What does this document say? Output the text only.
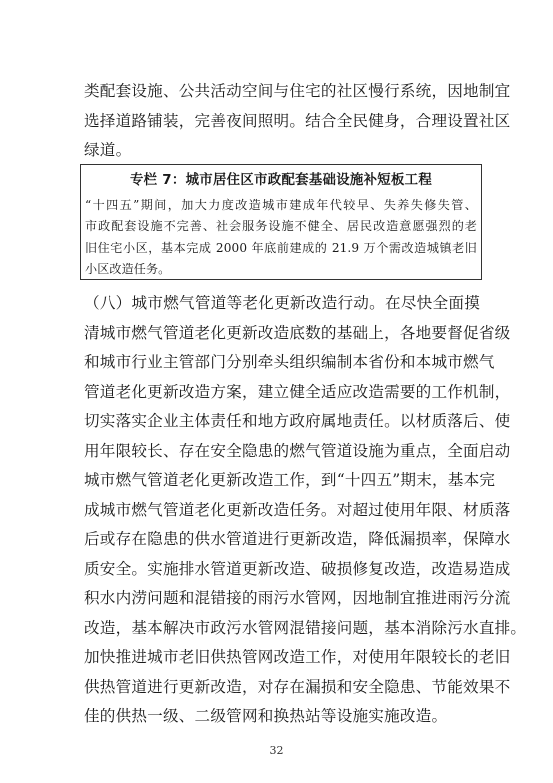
类配套设施、公共活动空间与住宅的社区慢行系统，因地制宜
选择道路铺装，完善夜间照明。结合全民健身，合理设置社区
绿道。
专栏 7：城市居住区市政配套基础设施补短板工程
“十四五”期间，加大力度改造城市建成年代较早、失养失修失管、
市政配套设施不完善、社会服务设施不健全、居民改造意愿强烈的老
旧住宅小区，基本完成 2000 年底前建成的 21.9 万个需改造城镇老旧
小区改造任务。
（八）城市燃气管道等老化更新改造行动。在尽快全面摸
清城市燃气管道老化更新改造底数的基础上，各地要督促省级
和城市行业主管部门分别牵头组织编制本省份和本城市燃气
管道老化更新改造方案，建立健全适应改造需要的工作机制，
切实落实企业主体责任和地方政府属地责任。以材质落后、使
用年限较长、存在安全隐患的燃气管道设施为重点，全面启动
城市燃气管道老化更新改造工作，到“十四五”期末，基本完
成城市燃气管道老化更新改造任务。对超过使用年限、材质落
后或存在隐患的供水管道进行更新改造，降低漏损率，保障水
质安全。实施排水管道更新改造、破损修复改造，改造易造成
积水内涝问题和混错接的雨污水管网，因地制宜推进雨污分流
改造，基本解决市政污水管网混错接问题，基本消除污水直排。
加快推进城市老旧供热管网改造工作，对使用年限较长的老旧
供热管道进行更新改造，对存在漏损和安全隐患、节能效果不
佳的供热一级、二级管网和换热站等设施实施改造。
32
